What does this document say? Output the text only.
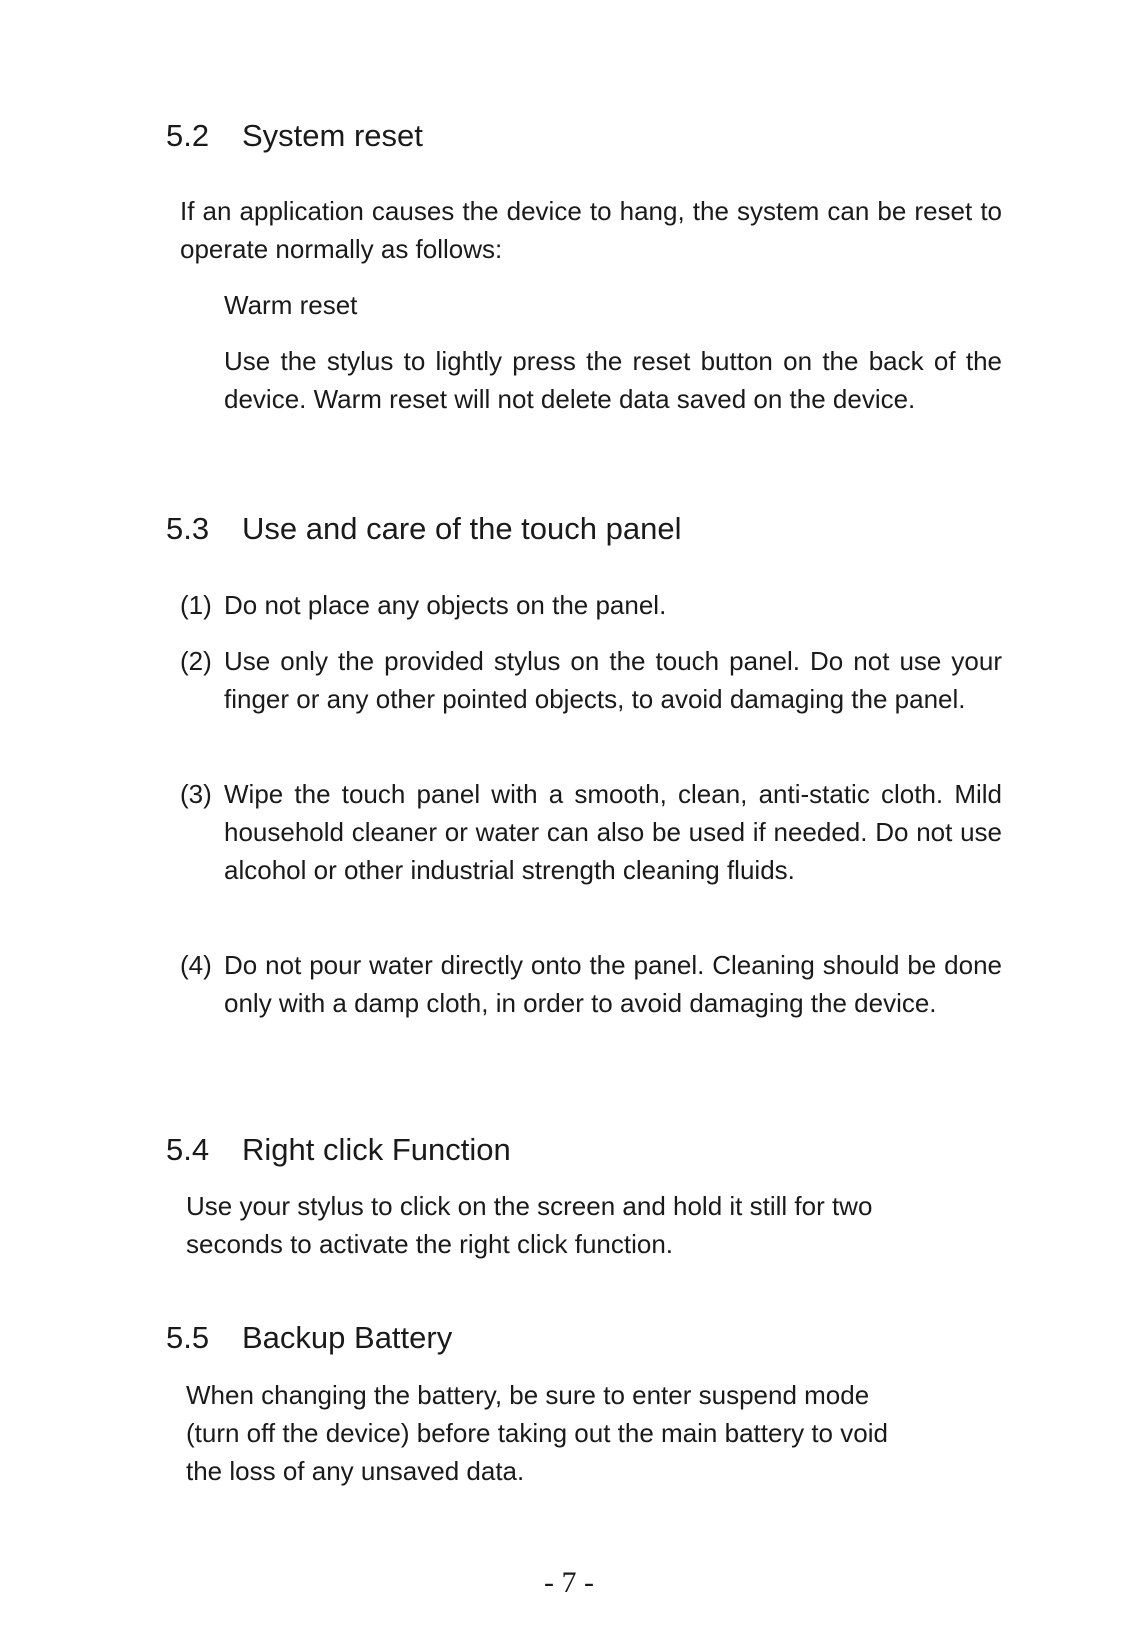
5.2 System reset

If an application causes the device to hang, the system can be reset to operate normally as follows:

Warm reset

Use the stylus to lightly press the reset button on the back of the device. Warm reset will not delete data saved on the device.

5.3 Use and care of the touch panel
(1) Do not place any objects on the panel.
(2) Use only the provided stylus on the touch panel. Do not use your finger or any other pointed objects, to avoid damaging the panel.
(3) Wipe the touch panel with a smooth, clean, anti-static cloth. Mild household cleaner or water can also be used if needed. Do not use alcohol or other industrial strength cleaning fluids.
(4) Do not pour water directly onto the panel. Cleaning should be done only with a damp cloth, in order to avoid damaging the device.
5.4 Right click Function
Use your stylus to click on the screen and hold it still for two
seconds to activate the right click function.
5.5 Backup Battery
When changing the battery, be sure to enter suspend mode
(turn off the device) before taking out the main battery to void
the loss of any unsaved data.
- 7 -
